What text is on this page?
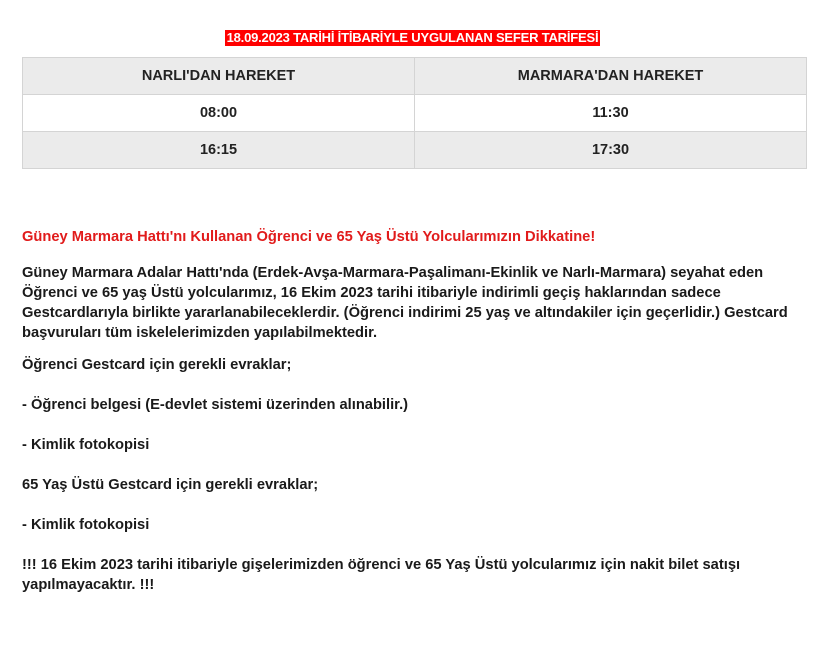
18.09.2023 TARİHİ İTİBARİYLE UYGULANAN SEFER TARİFESİ
NARLI'DAN HAREKET	MARMARA'DAN HAREKET
08:00	11:30
16:15	17:30

Güney Marmara Hattı'nı Kullanan Öğrenci ve 65 Yaş Üstü Yolcularımızın Dikkatine!

Güney Marmara Adalar Hattı'nda (Erdek-Avşa-Marmara-Paşalimanı-Ekinlik ve Narlı-Marmara) seyahat eden Öğrenci ve 65 yaş Üstü yolcularımız, 16 Ekim 2023 tarihi itibariyle indirimli geçiş haklarından sadece Gestcardlarıyla birlikte yararlanabileceklerdir. (Öğrenci indirimi 25 yaş ve altındakiler için geçerlidir.) Gestcard başvuruları tüm iskelelerimizden yapılabilmektedir.

Öğrenci Gestcard için gerekli evraklar;

- Öğrenci belgesi (E-devlet sistemi üzerinden alınabilir.)

- Kimlik fotokopisi

65 Yaş Üstü Gestcard için gerekli evraklar;

- Kimlik fotokopisi

!!! 16 Ekim 2023 tarihi itibariyle gişelerimizden öğrenci ve 65 Yaş Üstü yolcularımız için nakit bilet satışı yapılmayacaktır. !!!
